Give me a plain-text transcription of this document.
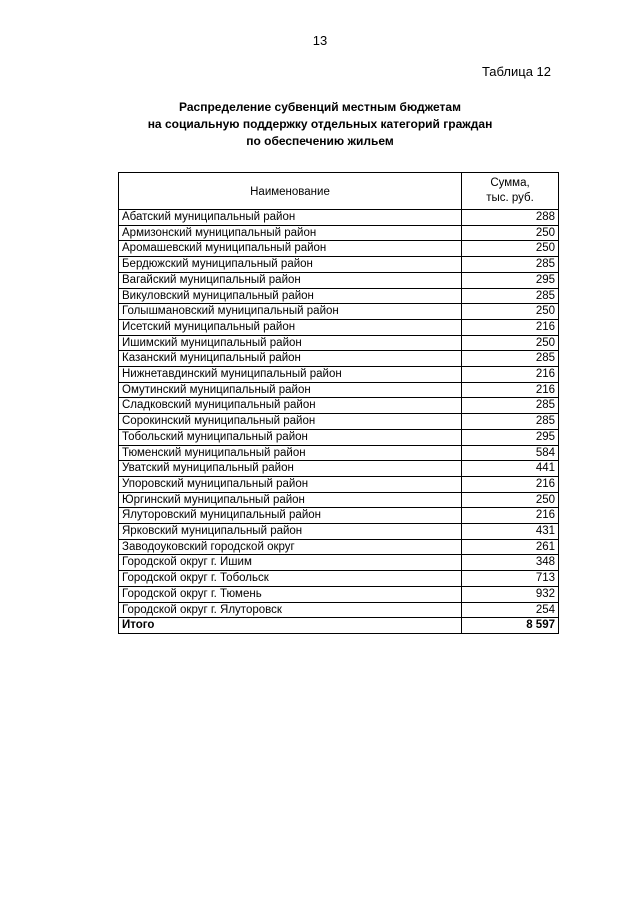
13
Таблица 12
Распределение субвенций местным бюджетам
на социальную поддержку отдельных категорий граждан
по обеспечению жильем
Наименование	Сумма,
тыс. руб.
Абатский муниципальный район	288
Армизонский муниципальный район	250
Аромашевский муниципальный район	250
Бердюжский муниципальный район	285
Вагайский муниципальный район	295
Викуловский муниципальный район	285
Голышмановский муниципальный район	250
Исетский муниципальный район	216
Ишимский муниципальный район	250
Казанский муниципальный район	285
Нижнетавдинский муниципальный район	216
Омутинский муниципальный район	216
Сладковский муниципальный район	285
Сорокинский муниципальный район	285
Тобольский муниципальный район	295
Тюменский муниципальный район	584
Уватский муниципальный район	441
Упоровский муниципальный район	216
Юргинский муниципальный район	250
Ялуторовский муниципальный район	216
Ярковский муниципальный район	431
Заводоуковский городской округ	261
Городской округ г. Ишим	348
Городской округ г. Тобольск	713
Городской округ г. Тюмень	932
Городской округ г. Ялуторовск	254
Итого	8 597
